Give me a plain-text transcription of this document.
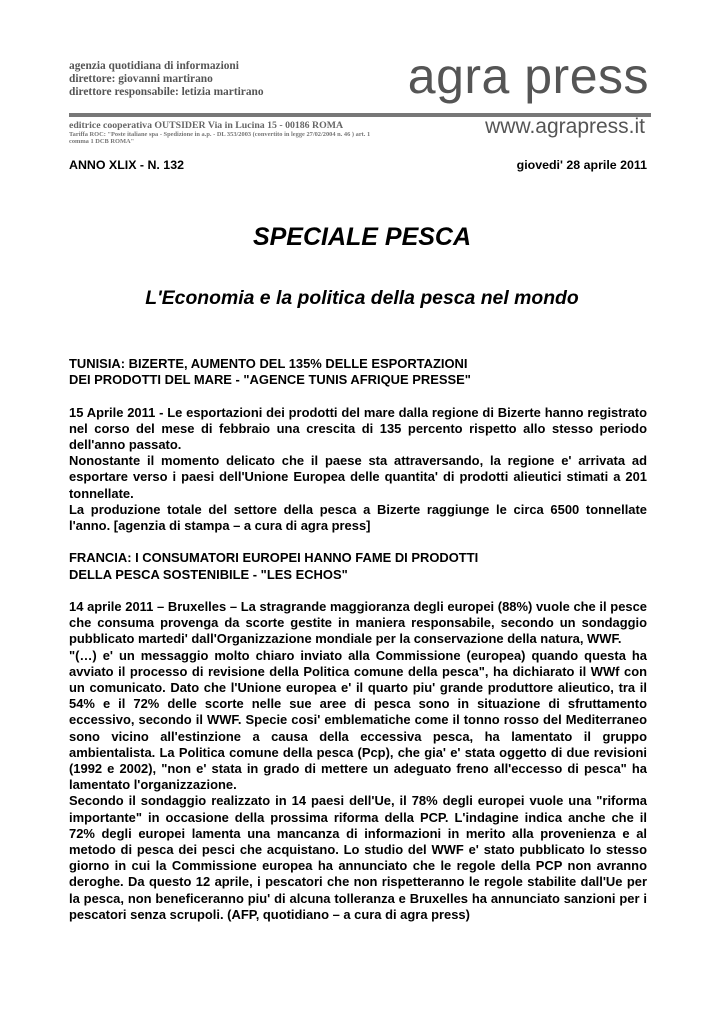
agenzia quotidiana di informazioni
direttore: giovanni martirano
direttore responsabile: letizia martirano	agra press
editrice cooperativa OUTSIDER Via in Lucina 15 - 00186 ROMA
Tariffa ROC: "Poste italiane spa - Spedizione in a.p. - DL 353/2003 (convertito in legge 27/02/2004 n. 46 ) art. 1 comma 1 DCB ROMA"
www.agrapress.it
ANNO XLIX - N. 132	giovedi' 28 aprile 2011
SPECIALE PESCA
L'Economia e la politica della pesca nel mondo
TUNISIA: BIZERTE, AUMENTO DEL 135% DELLE ESPORTAZIONI
DEI PRODOTTI DEL MARE - "AGENCE TUNIS AFRIQUE PRESSE"
15 Aprile 2011 - Le esportazioni dei prodotti del mare dalla regione di Bizerte hanno registrato nel corso del mese di febbraio una crescita di 135 percento rispetto allo stesso periodo dell'anno passato.
Nonostante il momento delicato che il paese sta attraversando, la regione e' arrivata ad esportare verso i paesi dell'Unione Europea delle quantita' di prodotti alieutici stimati a 201 tonnellate.
La produzione totale del settore della pesca a Bizerte raggiunge le circa 6500 tonnellate l'anno. [agenzia di stampa – a cura di agra press]
FRANCIA: I CONSUMATORI EUROPEI HANNO FAME DI PRODOTTI
DELLA PESCA SOSTENIBILE - "LES ECHOS"
14 aprile 2011 – Bruxelles – La stragrande maggioranza degli europei (88%) vuole che il pesce che consuma provenga da scorte gestite in maniera responsabile, secondo un sondaggio pubblicato martedi' dall'Organizzazione mondiale per la conservazione della natura, WWF.
"(…) e' un messaggio molto chiaro inviato alla Commissione (europea) quando questa ha avviato il processo di revisione della Politica comune della pesca", ha dichiarato il WWf con un comunicato. Dato che l'Unione europea e' il quarto piu' grande produttore alieutico, tra il 54% e il 72% delle scorte nelle sue aree di pesca sono in situazione di sfruttamento eccessivo, secondo il WWF. Specie cosi' emblematiche come il tonno rosso del Mediterraneo sono vicino all'estinzione a causa della eccessiva pesca, ha lamentato il gruppo ambientalista. La Politica comune della pesca (Pcp), che gia' e' stata oggetto di due revisioni (1992 e 2002), "non e' stata in grado di mettere un adeguato freno all'eccesso di pesca" ha lamentato l'organizzazione.
Secondo il sondaggio realizzato in 14 paesi dell'Ue, il 78% degli europei vuole una "riforma importante" in occasione della prossima riforma della PCP. L'indagine indica anche che il 72% degli europei lamenta una mancanza di informazioni in merito alla provenienza e al metodo di pesca dei pesci che acquistano. Lo studio del WWF e' stato pubblicato lo stesso giorno in cui la Commissione europea ha annunciato che le regole della PCP non avranno deroghe. Da questo 12 aprile, i pescatori che non rispetteranno le regole stabilite dall'Ue per la pesca, non beneficeranno piu' di alcuna tolleranza e Bruxelles ha annunciato sanzioni per i pescatori senza scrupoli. (AFP, quotidiano – a cura di agra press)
